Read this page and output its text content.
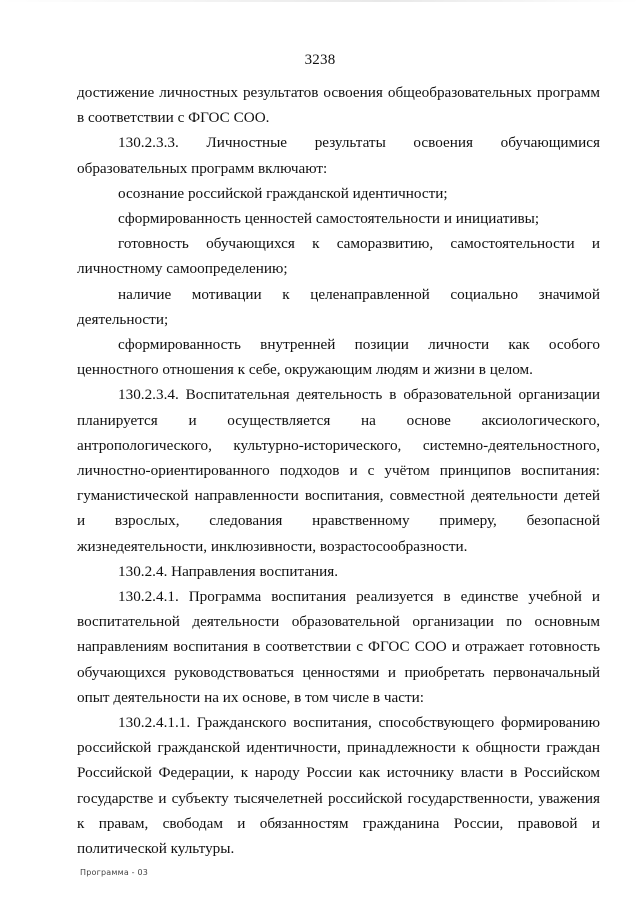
3238

достижение личностных результатов освоения общеобразовательных программ в соответствии с ФГОС СОО.

130.2.3.3. Личностные результаты освоения обучающимися образовательных программ включают:

осознание российской гражданской идентичности;

сформированность ценностей самостоятельности и инициативы;

готовность обучающихся к саморазвитию, самостоятельности и личностному самоопределению;

наличие мотивации к целенаправленной социально значимой деятельности;

сформированность внутренней позиции личности как особого ценностного отношения к себе, окружающим людям и жизни в целом.

130.2.3.4. Воспитательная деятельность в образовательной организации планируется и осуществляется на основе аксиологического, антропологического, культурно-исторического, системно-деятельностного, личностно-ориентированного подходов и с учётом принципов воспитания: гуманистической направленности воспитания, совместной деятельности детей и взрослых, следования нравственному примеру, безопасной жизнедеятельности, инклюзивности, возрастосообразности.

130.2.4. Направления воспитания.

130.2.4.1. Программа воспитания реализуется в единстве учебной и воспитательной деятельности образовательной организации по основным направлениям воспитания в соответствии с ФГОС СОО и отражает готовность обучающихся руководствоваться ценностями и приобретать первоначальный опыт деятельности на их основе, в том числе в части:

130.2.4.1.1. Гражданского воспитания, способствующего формированию российской гражданской идентичности, принадлежности к общности граждан Российской Федерации, к народу России как источнику власти в Российском государстве и субъекту тысячелетней российской государственности, уважения к правам, свободам и обязанностям гражданина России, правовой и политической культуры.

Программа - 03
